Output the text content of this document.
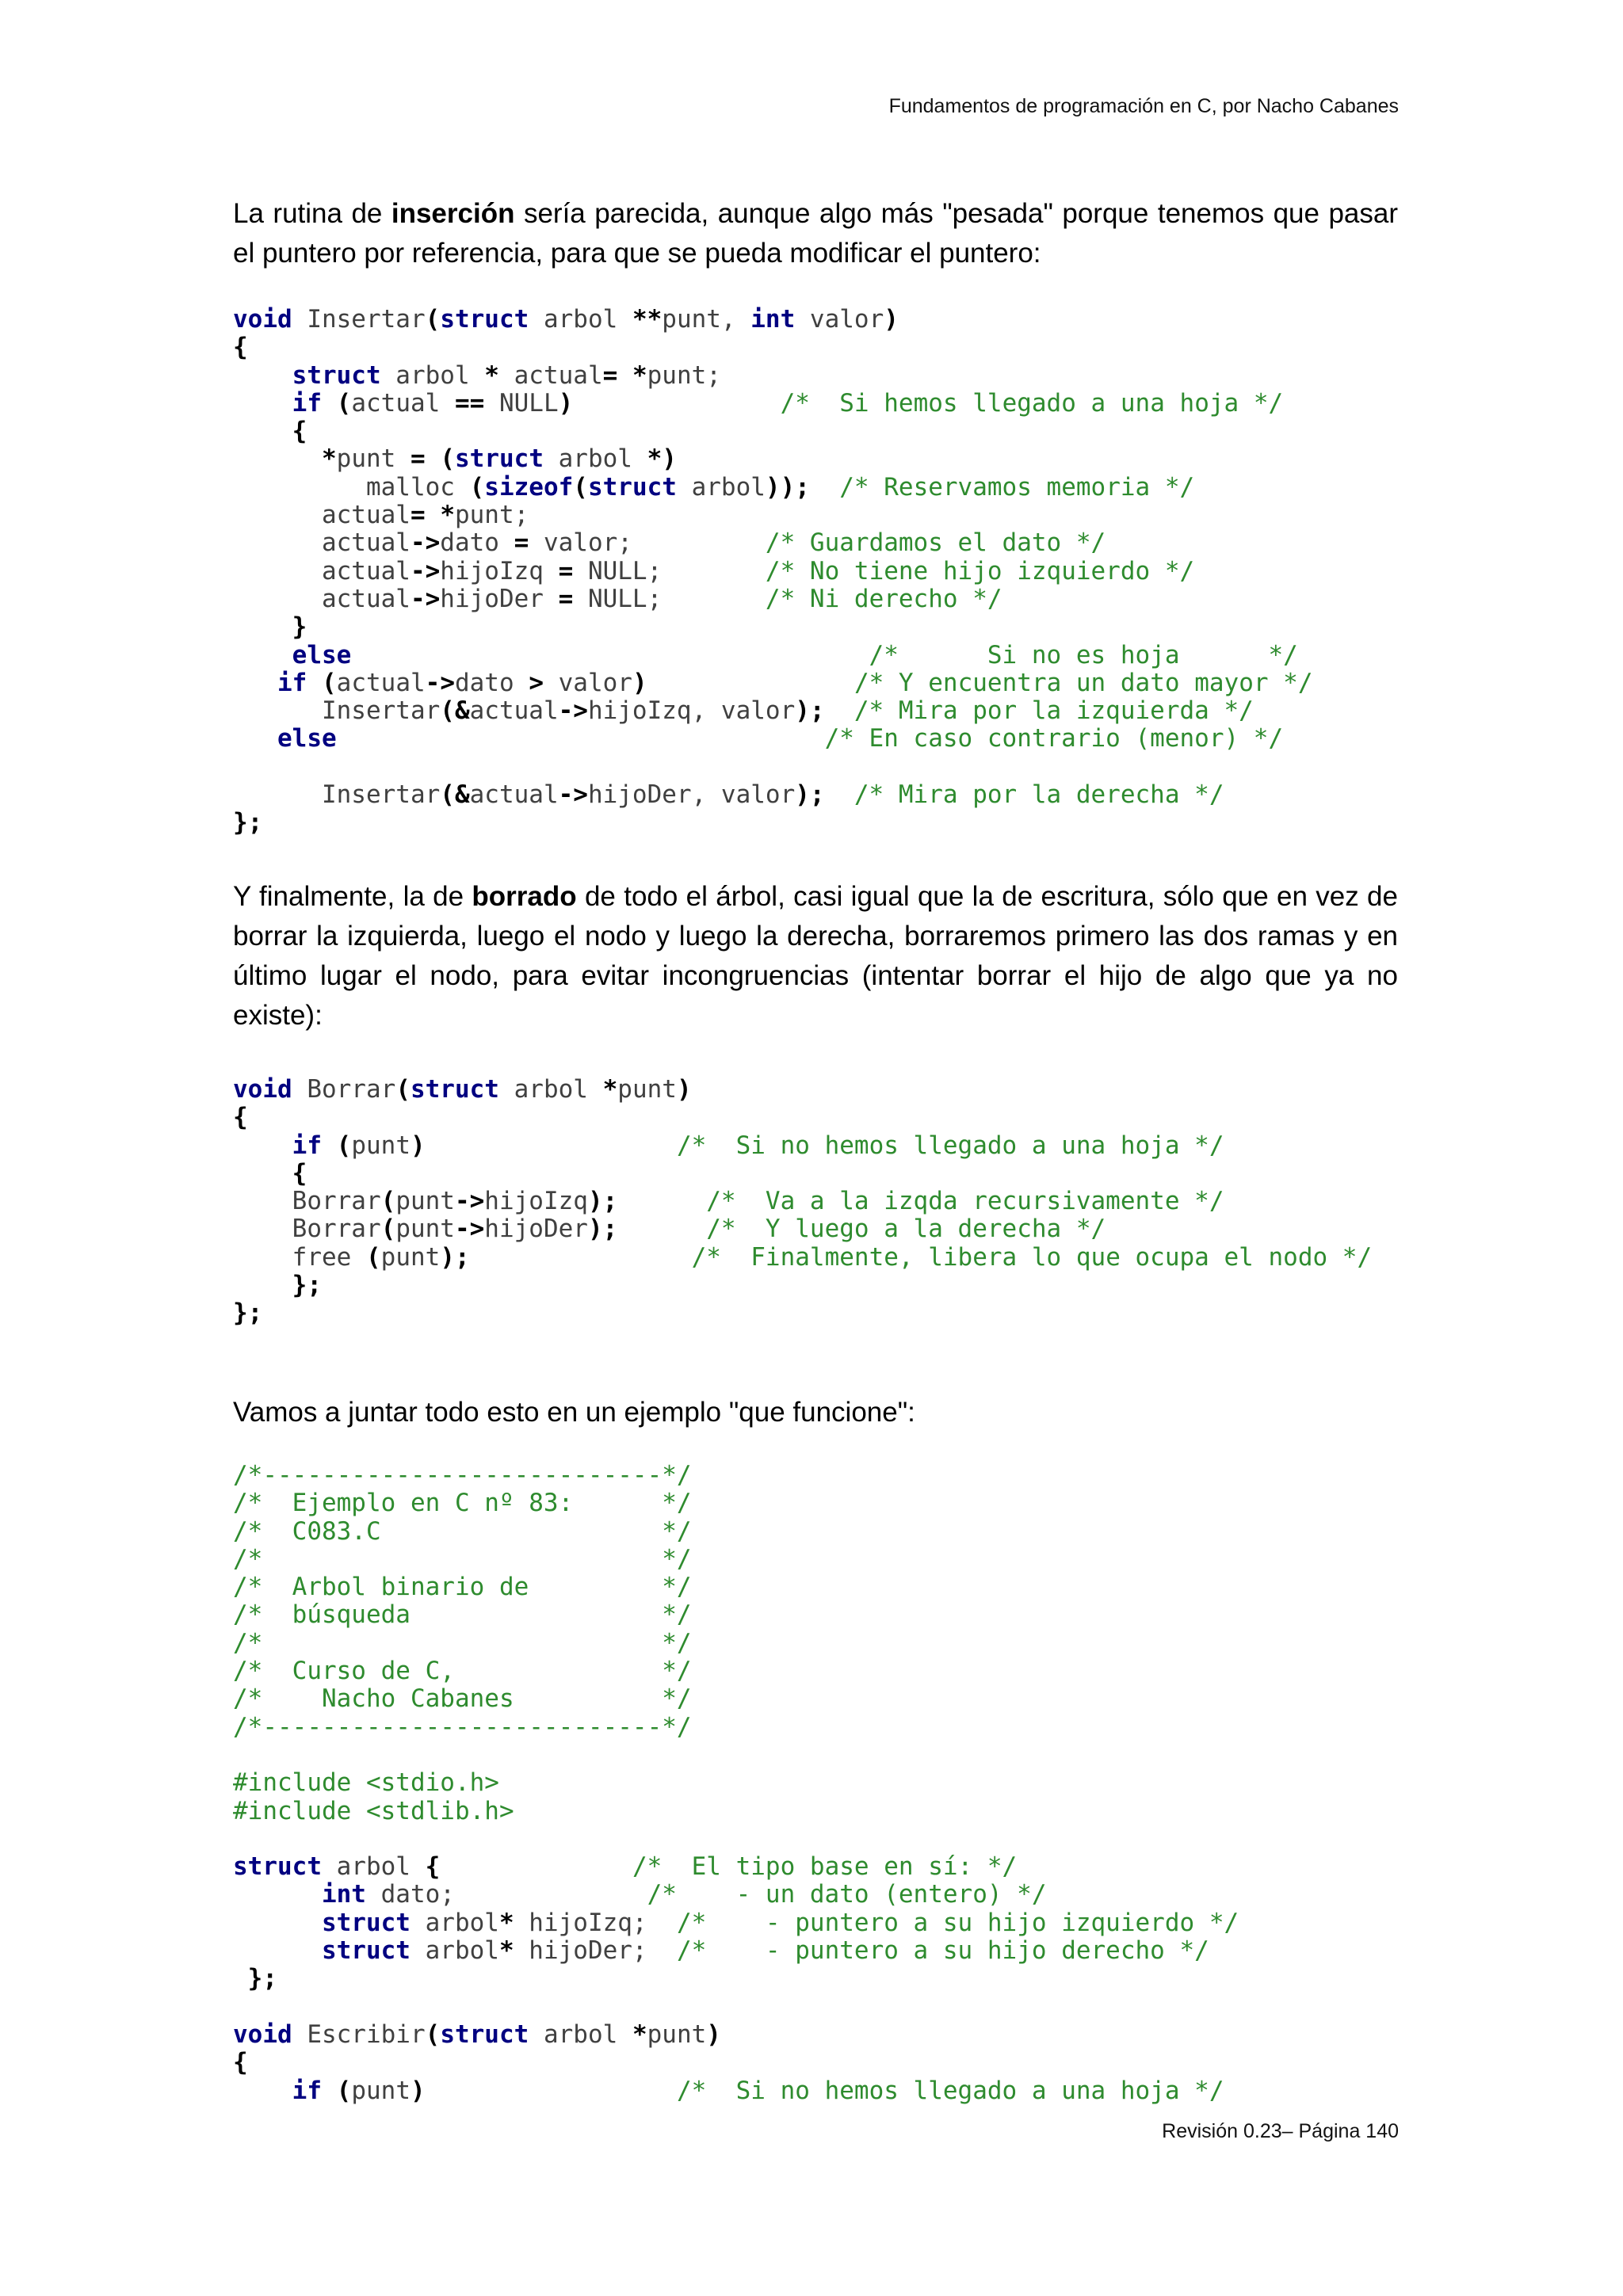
Fundamentos de programación en C, por Nacho Cabanes

La rutina de inserción sería parecida, aunque algo más "pesada" porque tenemos que pasar el puntero por referencia, para que se pueda modificar el puntero:

void Insertar(struct arbol **punt, int valor)
{
struct arbol * actual= *punt;
if (actual == NULL)	/*  Si hemos llegado a una hoja */
{
*punt = (struct arbol *)
malloc (sizeof(struct arbol)); /* Reservamos memoria */
actual= *punt;
actual->dato = valor;         /* Guardamos el dato */
actual->hijoIzq = NULL;       /* No tiene hijo izquierdo */
actual->hijoDer = NULL;       /* Ni derecho */
}
else	/*      Si no es hoja      */
if (actual->dato > valor)	/* Y encuentra un dato mayor */
Insertar(&actual->hijoIzq, valor); /* Mira por la izquierda */
else	/* En caso contrario (menor) */

Insertar(&actual->hijoDer, valor); /* Mira por la derecha */
};

Y finalmente, la de borrado de todo el árbol, casi igual que la de escritura, sólo que en vez de borrar la izquierda, luego el nodo y luego la derecha, borraremos primero las dos ramas y en último lugar el nodo, para evitar incongruencias (intentar borrar el hijo de algo que ya no existe):

void Borrar(struct arbol *punt)
{
if (punt)	/*  Si no hemos llegado a una hoja */
{
Borrar(punt->hijoIzq);	/*  Va a la izqda recursivamente */
Borrar(punt->hijoDer);	/*  Y luego a la derecha */
free (punt);	/*  Finalmente, libera lo que ocupa el nodo */
};
};

Vamos a juntar todo esto en un ejemplo "que funcione":

/*---------------------------*/
/*  Ejemplo en C nº 83:      */
/*  C083.C                   */
/*                           */
/*  Arbol binario de         */
/*  búsqueda                 */
/*                           */
/*  Curso de C,              */
/*    Nacho Cabanes          */
/*---------------------------*/

#include <stdio.h>
#include <stdlib.h>

struct arbol {	/*  El tipo base en sí: */
int dato;             /*    - un dato (entero) */
struct arbol* hijoIzq;  /*    - puntero a su hijo izquierdo */
struct arbol* hijoDer;  /*    - puntero a su hijo derecho */
};

void Escribir(struct arbol *punt)
{
if (punt)	/*  Si no hemos llegado a una hoja */
Revisión 0.23– Página 140
